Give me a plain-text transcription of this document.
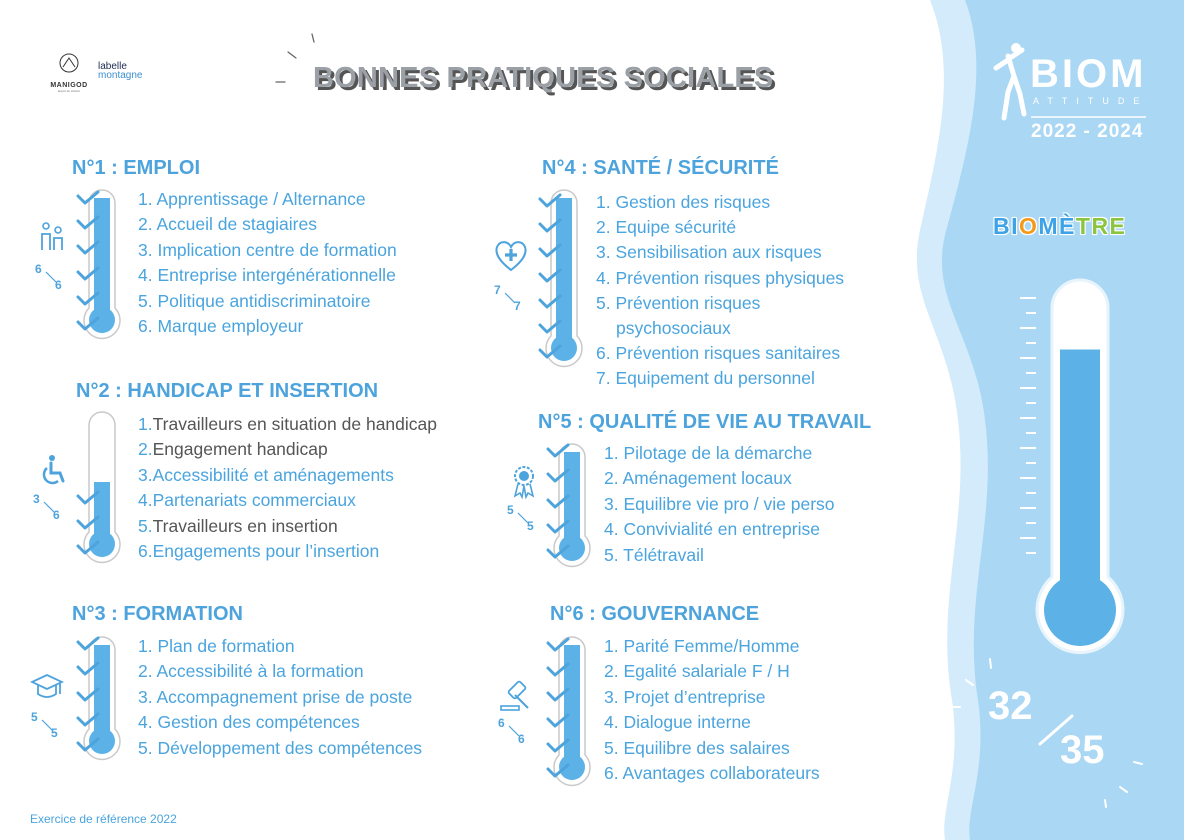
MANIGOD
Esprit de Liberté
labelle
montagne	BONNES PRATIQUES SOCIALES	BIOM
ATTITUDE
2022 - 2024
BIOMÈTRE
32
35
N°1 : EMPLOI
6
6
1. Apprentissage / Alternance
2. Accueil de stagiaires
3. Implication centre de formation
4. Entreprise intergénérationnelle
5. Politique antidiscriminatoire
6. Marque employeur
N°2 : HANDICAP ET INSERTION
3
6
1.Travailleurs en situation de handicap
2.Engagement handicap
3.Accessibilité et aménagements
4.Partenariats commerciaux
5.Travailleurs en insertion
6.Engagements pour l’insertion
N°3 : FORMATION
5
5
1. Plan de formation
2. Accessibilité à la formation
3. Accompagnement prise de poste
4. Gestion des compétences
5. Développement des compétences
N°4 : SANTÉ / SÉCURITÉ
7
7
1. Gestion des risques
2. Equipe sécurité
3. Sensibilisation aux risques
4. Prévention risques physiques
5. Prévention risques
psychosociaux
6. Prévention risques sanitaires
7. Equipement du personnel
N°5 : QUALITÉ DE VIE AU TRAVAIL
5
5
1. Pilotage de la démarche
2. Aménagement locaux
3. Equilibre vie pro / vie perso
4. Convivialité en entreprise
5. Télétravail
N°6 : GOUVERNANCE
6
6
1. Parité Femme/Homme
2. Egalité salariale F / H
3. Projet d’entreprise
4. Dialogue interne
5. Equilibre des salaires
6. Avantages collaborateurs
Exercice de référence 2022
